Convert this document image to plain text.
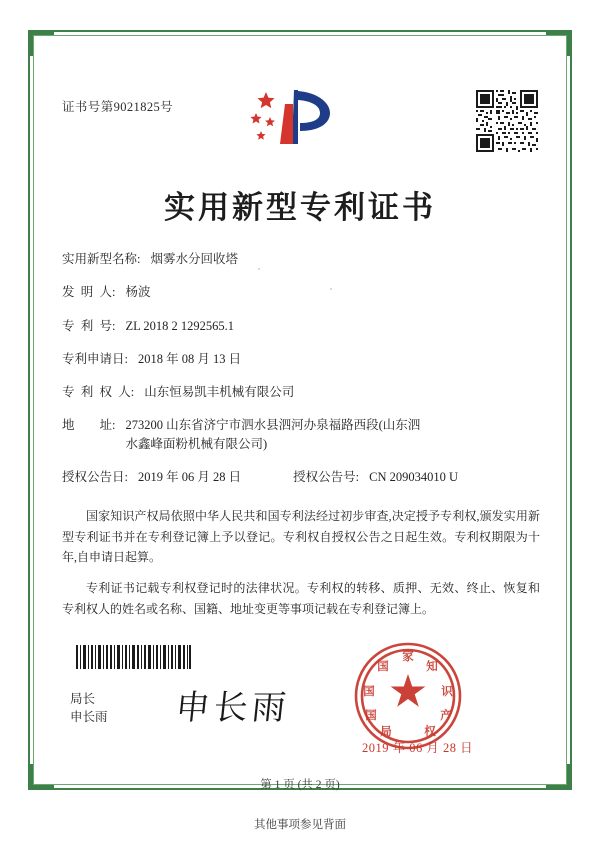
证书号第9021825号
实用新型专利证书
实用新型名称: 烟雾水分回收塔
发  明  人: 杨波
专  利  号: ZL 2018 2 1292565.1
专利申请日: 2018 年 08 月 13 日
专  利  权  人: 山东恒易凯丰机械有限公司
地        址: 273200 山东省济宁市泗水县泗河办泉福路西段(山东泗
水鑫峰面粉机械有限公司)
授权公告日: 2019 年 06 月 28 日	授权公告号: CN 209034010 U
国家知识产权局依照中华人民共和国专利法经过初步审查,决定授予专利权,颁发实用新型专利证书并在专利登记簿上予以登记。专利权自授权公告之日起生效。专利权期限为十年,自申请日起算。
专利证书记载专利权登记时的法律状况。专利权的转移、质押、无效、终止、恢复和专利权人的姓名或名称、国籍、地址变更等事项记载在专利登记簿上。
局长
申长雨 申长雨
家
国	知
国	识
国	产
局	权
2019 年 06 月 28 日
第 1 页 (共 2 页)
其他事项参见背面
